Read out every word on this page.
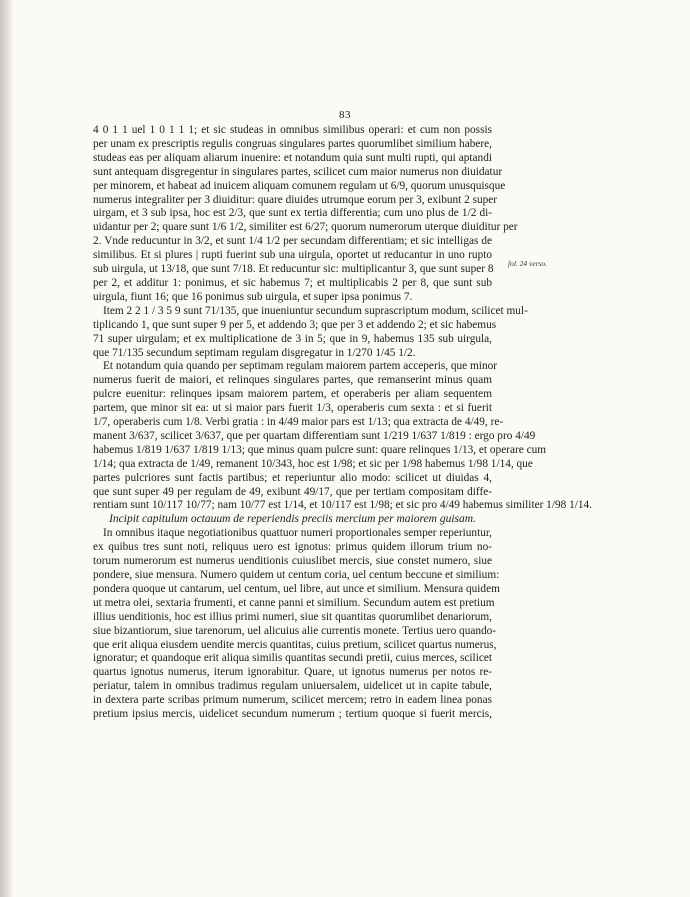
83

4 0 1 1 uel 1 0 1 1 1; et sic studeas in omnibus similibus operari: et cum non possis

per unam ex prescriptis regulis congruas singulares partes quorumlibet similium habere,

studeas eas per aliquam aliarum inuenire: et notandum quia sunt multi rupti, qui aptandi

sunt antequam disgregentur in singulares partes, scilicet cum maior numerus non diuidatur

per minorem, et habeat ad inuicem aliquam comunem regulam ut 6/9, quorum unusquisque

numerus integraliter per 3 diuiditur: quare diuides utrumque eorum per 3, exibunt 2 super

uirgam, et 3 sub ipsa, hoc est 2/3, que sunt ex tertia differentia; cum uno plus de 1/2 di-

uidantur per 2; quare sunt 1/6 1/2, similiter est 6/27; quorum numerorum uterque diuiditur per

2. Vnde reducuntur in 3/2, et sunt 1/4 1/2 per secundam differentiam; et sic intelligas de

similibus. Et si plures | rupti fuerint sub una uirgula, oportet ut reducantur in uno rupto

sub uirgula, ut 13/18, que sunt 7/18. Et reducuntur sic: multiplicantur 3, que sunt super 8

per 2, et additur 1: ponimus, et sic habemus 7; et multiplicabis 2 per 8, que sunt sub

uirgula, fiunt 16; que 16 ponimus sub uirgula, et super ipsa ponimus 7.

Item 2 2 1 / 3 5 9 sunt 71/135, que inueniuntur secundum suprascriptum modum, scilicet mul-

tiplicando 1, que sunt super 9 per 5, et addendo 3; que per 3 et addendo 2; et sic habemus

71 super uirgulam; et ex multiplicatione de 3 in 5; que in 9, habemus 135 sub uirgula,

que 71/135 secundum septimam regulam disgregatur in 1/270 1/45 1/2.

Et notandum quia quando per septimam regulam maiorem partem acceperis, que minor

numerus fuerit de maiori, et relinques singulares partes, que remanserint minus quam

pulcre euenitur: relinques ipsam maiorem partem, et operaberis per aliam sequentem

partem, que minor sit ea: ut si maior pars fuerit 1/3, operaberis cum sexta : et si fuerit

1/7, operaberis cum 1/8. Verbi gratia : in 4/49 maior pars est 1/13; qua extracta de 4/49, re-

manent 3/637, scilicet 3/637, que per quartam differentiam sunt 1/219 1/637 1/819 : ergo pro 4/49

habemus 1/819 1/637 1/819 1/13; que minus quam pulcre sunt: quare relinques 1/13, et operare cum

1/14; qua extracta de 1/49, remanent 10/343, hoc est 1/98; et sic per 1/98 habemus 1/98 1/14, que

partes pulcriores sunt factis partibus; et reperiuntur alio modo: scilicet ut diuidas 4,

que sunt super 49 per regulam de 49, exibunt 49/17, que per tertiam compositam diffe-

rentiam sunt 10/117 10/77; nam 10/77 est 1/14, et 10/117 est 1/98; et sic pro 4/49 habemus similiter 1/98 1/14.

Incipit capitulum octauum de reperiendis preciis mercium per maiorem guisam.

In omnibus itaque negotiationibus quattuor numeri proportionales semper reperiuntur,

ex quibus tres sunt noti, reliquus uero est ignotus: primus quidem illorum trium no-

torum numerorum est numerus uenditionis cuiuslibet mercis, siue constet numero, siue

pondere, siue mensura. Numero quidem ut centum coria, uel centum beccune et similium:

pondera quoque ut cantarum, uel centum, uel libre, aut unce et similium. Mensura quidem

ut metra olei, sextaria frumenti, et canne panni et similium. Secundum autem est pretium

illius uenditionis, hoc est illius primi numeri, siue sit quantitas quorumlibet denariorum,

siue bizantiorum, siue tarenorum, uel alicuius alie currentis monete. Tertius uero quando-

que erit aliqua eiusdem uendite mercis quantitas, cuius pretium, scilicet quartus numerus,

ignoratur; et quandoque erit aliqua similis quantitas secundi pretii, cuius merces, scilicet

quartus ignotus numerus, iterum ignorabitur. Quare, ut ignotus numerus per notos re-

periatur, talem in omnibus tradimus regulam uniuersalem, uidelicet ut in capite tabule,

in dextera parte scribas primum numerum, scilicet mercem; retro in eadem linea ponas

pretium ipsius mercis, uidelicet secundum numerum ; tertium quoque si fuerit mercis,

fol. 24 verso.
